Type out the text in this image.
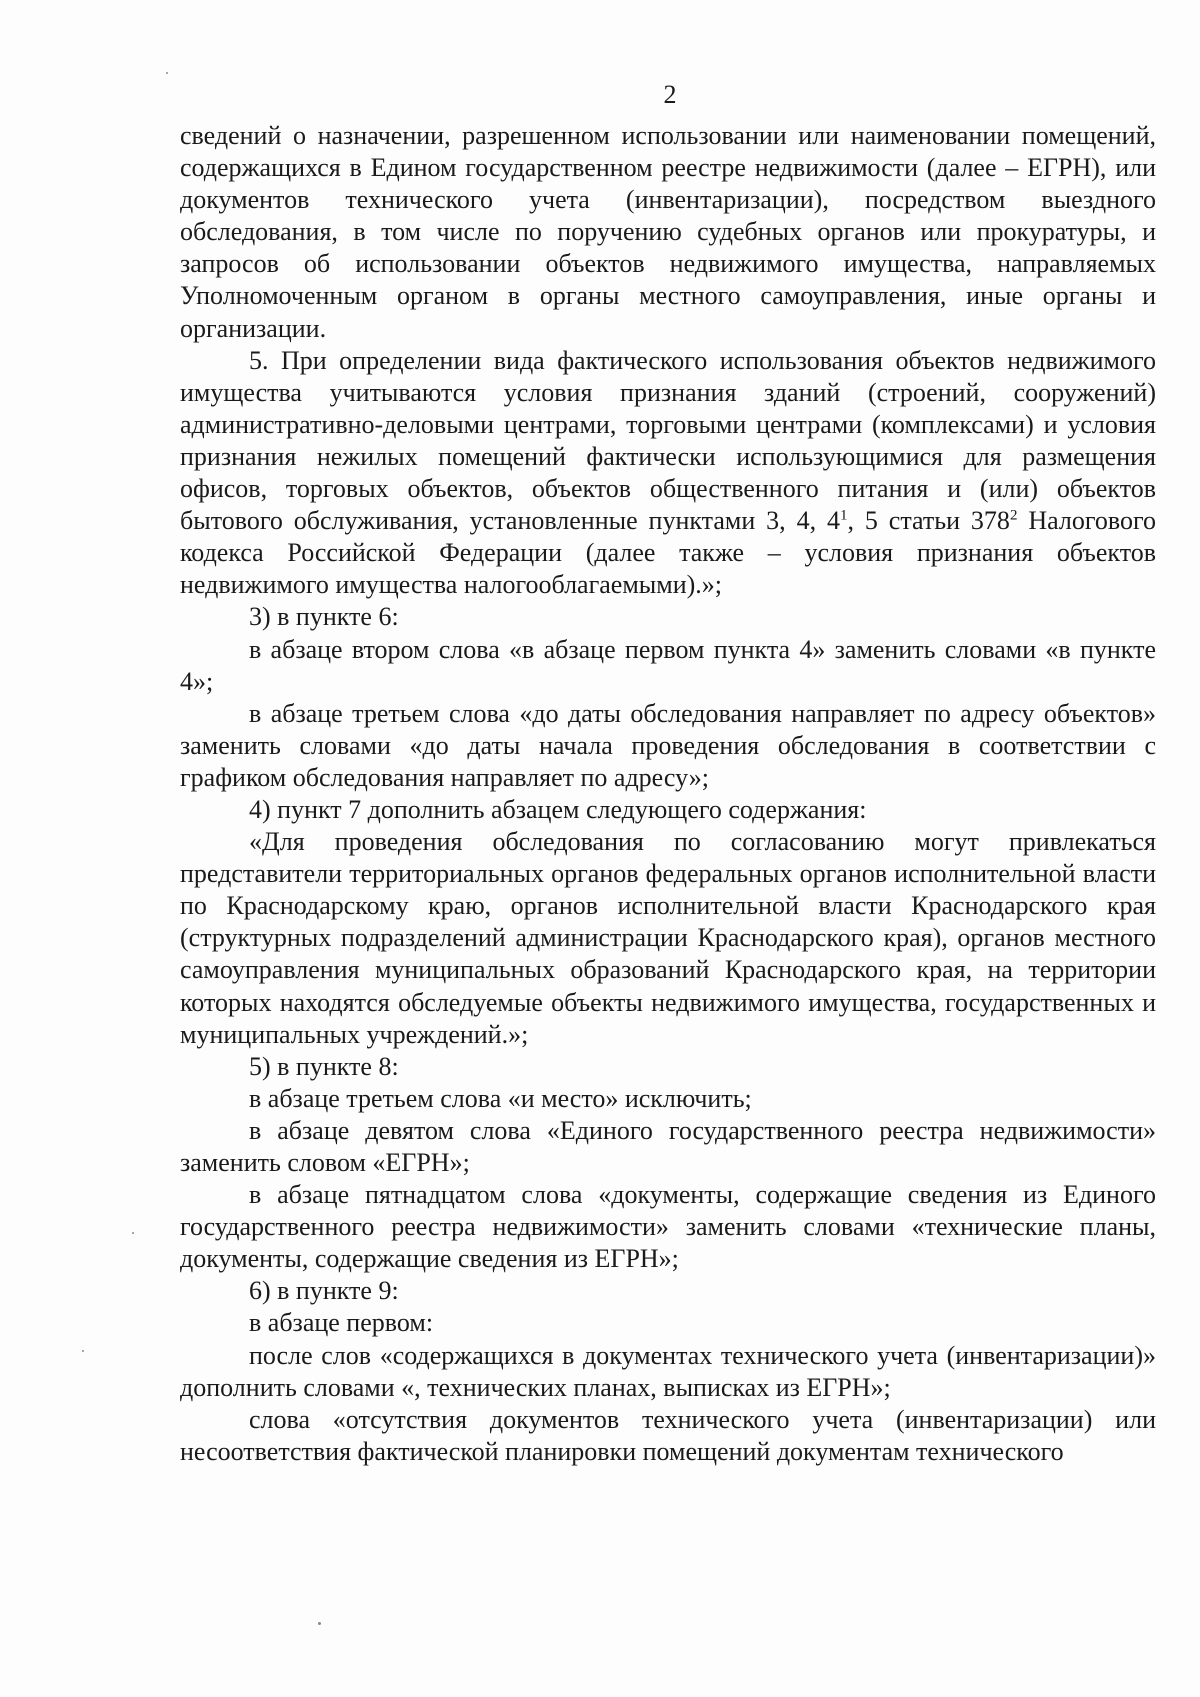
2

сведений о назначении, разрешенном использовании или наименовании помещений, содержащихся в Едином государственном реестре недвижимости (далее – ЕГРН), или документов технического учета (инвентаризации), посредством выездного обследования, в том числе по поручению судебных органов или прокуратуры, и запросов об использовании объектов недвижимого имущества, направляемых Уполномоченным органом в органы местного самоуправления, иные органы и организации.

5. При определении вида фактического использования объектов недвижимого имущества учитываются условия признания зданий (строений, сооружений) административно-деловыми центрами, торговыми центрами (комплексами) и условия признания нежилых помещений фактически использующимися для размещения офисов, торговых объектов, объектов общественного питания и (или) объектов бытового обслуживания, установленные пунктами 3, 4, $4^1$, 5 статьи $378^2$ Налогового кодекса Российской Федерации (далее также – условия признания объектов недвижимого имущества налогооблагаемыми).»;

3) в пункте 6:

в абзаце втором слова «в абзаце первом пункта 4» заменить словами «в пункте 4»;

в абзаце третьем слова «до даты обследования направляет по адресу объектов» заменить словами «до даты начала проведения обследования в соответствии с графиком обследования направляет по адресу»;

4) пункт 7 дополнить абзацем следующего содержания:

«Для проведения обследования по согласованию могут привлекаться представители территориальных органов федеральных органов исполнительной власти по Краснодарскому краю, органов исполнительной власти Краснодарского края (структурных подразделений администрации Краснодарского края), органов местного самоуправления муниципальных образований Краснодарского края, на территории которых находятся обследуемые объекты недвижимого имущества, государственных и муниципальных учреждений.»;

5) в пункте 8:

в абзаце третьем слова «и место» исключить;

в абзаце девятом слова «Единого государственного реестра недвижимости» заменить словом «ЕГРН»;

в абзаце пятнадцатом слова «документы, содержащие сведения из Единого государственного реестра недвижимости» заменить словами «технические планы, документы, содержащие сведения из ЕГРН»;

6) в пункте 9:

в абзаце первом:

после слов «содержащихся в документах технического учета (инвентаризации)» дополнить словами «, технических планах, выписках из ЕГРН»;

слова «отсутствия документов технического учета (инвентаризации) или несоответствия фактической планировки помещений документам технического
